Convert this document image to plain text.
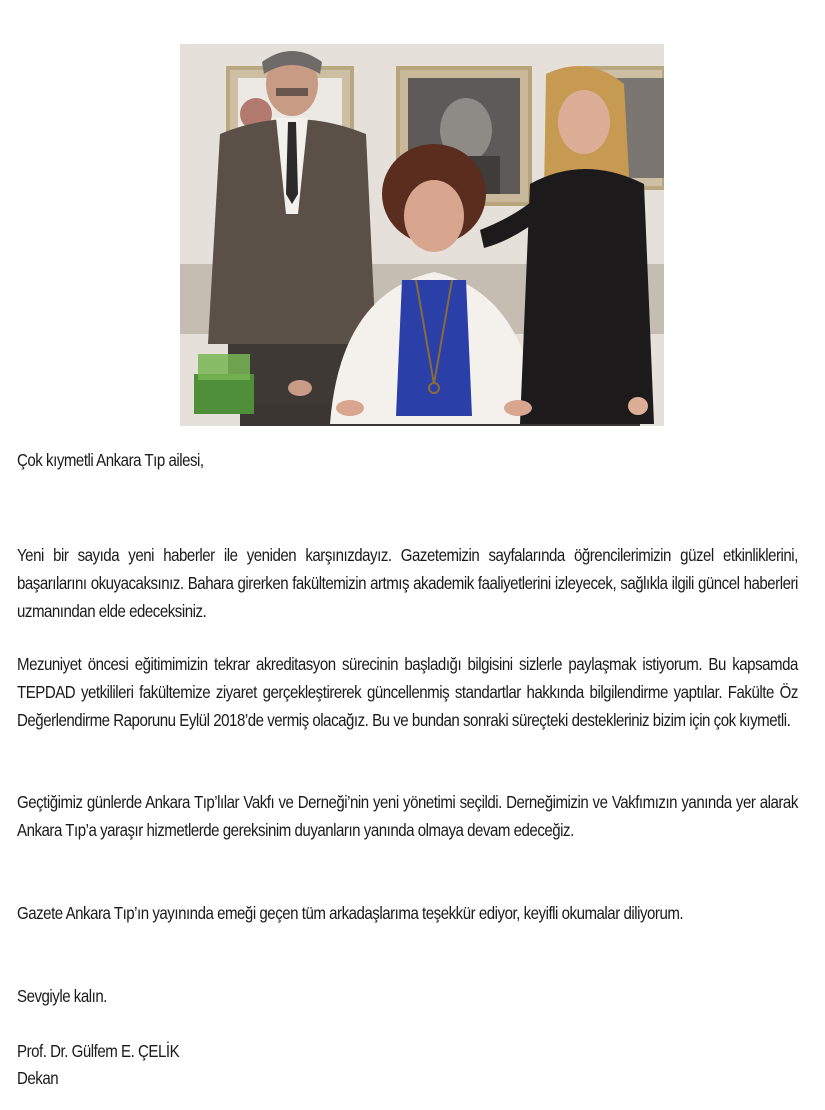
Çok kıymetli Ankara Tıp ailesi,
Yeni bir sayıda yeni haberler ile yeniden karşınızdayız. Gazetemizin sayfalarında öğrencilerimizin güzel etkinliklerini, başarılarını okuyacaksınız. Bahara girerken fakültemizin artmış akademik faaliyetlerini izleyecek, sağlıkla ilgili güncel haberleri uzmanından elde edeceksiniz.
Mezuniyet öncesi eğitimimizin tekrar akreditasyon sürecinin başladığı bilgisini sizlerle paylaşmak istiyorum. Bu kapsamda TEPDAD yetkilileri fakültemize ziyaret gerçekleştirerek güncellenmiş standartlar hakkında bilgilendirme yaptılar. Fakülte Öz Değerlendirme Raporunu Eylül 2018’de vermiş olacağız. Bu ve bundan sonraki süreçteki destekleriniz bizim için çok kıymetli.
Geçtiğimiz günlerde Ankara Tıp’lılar Vakfı ve Derneği’nin yeni yönetimi seçildi. Derneğimizin ve Vakfımızın yanında yer alarak Ankara Tıp’a yaraşır hizmetlerde gereksinim duyanların yanında olmaya devam edeceğiz.
Gazete Ankara Tıp’ın yayınında emeği geçen tüm arkadaşlarıma teşekkür ediyor, keyifli okumalar diliyorum.
Sevgiyle kalın.
Prof. Dr. Gülfem E. ÇELİK
Dekan
